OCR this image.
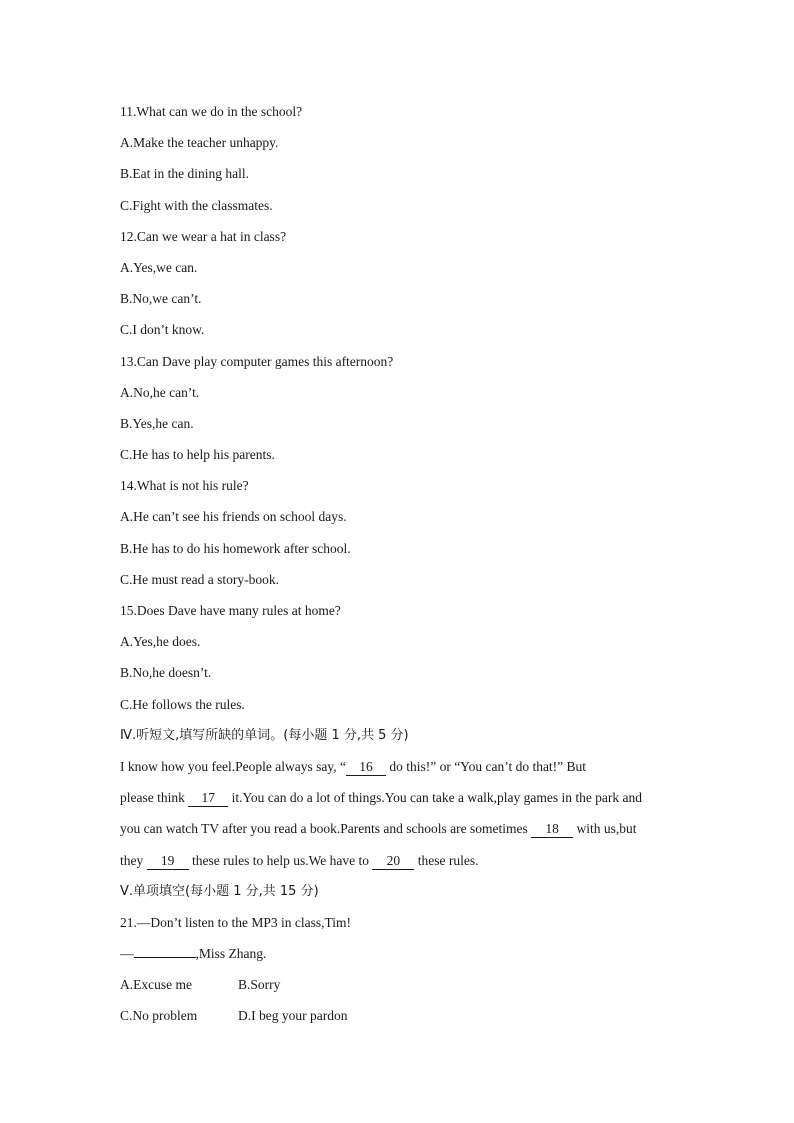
11.What can we do in the school?
A.Make the teacher unhappy.
B.Eat in the dining hall.
C.Fight with the classmates.
12.Can we wear a hat in class?
A.Yes,we can.
B.No,we can’t.
C.I don’t know.
13.Can Dave play computer games this afternoon?
A.No,he can’t.
B.Yes,he can.
C.He has to help his parents.
14.What is not his rule?
A.He can’t see his friends on school days.
B.He has to do his homework after school.
C.He must read a story-book.
15.Does Dave have many rules at home?
A.Yes,he does.
B.No,he doesn’t.
C.He follows the rules.
Ⅳ.听短文,填写所缺的单词。(每小题 1 分,共 5 分)
I know how you feel.People always say, “ 16 do this!” or “You can’t do that!” But
please think 17 it.You can do a lot of things.You can take a walk,play games in the park and
you can watch TV after you read a book.Parents and schools are sometimes 18 with us,but
they 19 these rules to help us.We have to 20 these rules.
Ⅴ.单项填空(每小题 1 分,共 15 分)
21.—Don’t listen to the MP3 in class,Tim!
—	,Miss Zhang.
A.Excuse me	B.Sorry
C.No problem	D.I beg your pardon
